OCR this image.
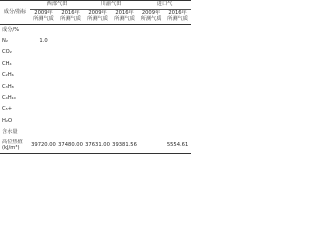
成分/指标	西部气田		川渝气田		进口气	
	2009年 所测气质	2016年 所测气质	2009年 所测气质	2016年 所测气质	2009年 所测气质	2016年 所测气质
成分/%						
N₂	1.0					
CO₂						
CH₄						
C₂H₆						
C₃H₈						
C₄H₁₀						
C₅+						
H₂O						
含水量						
高位热值 (kJ/m³)	39720.00	37480.00	37631.00	39381.56		5554.61
